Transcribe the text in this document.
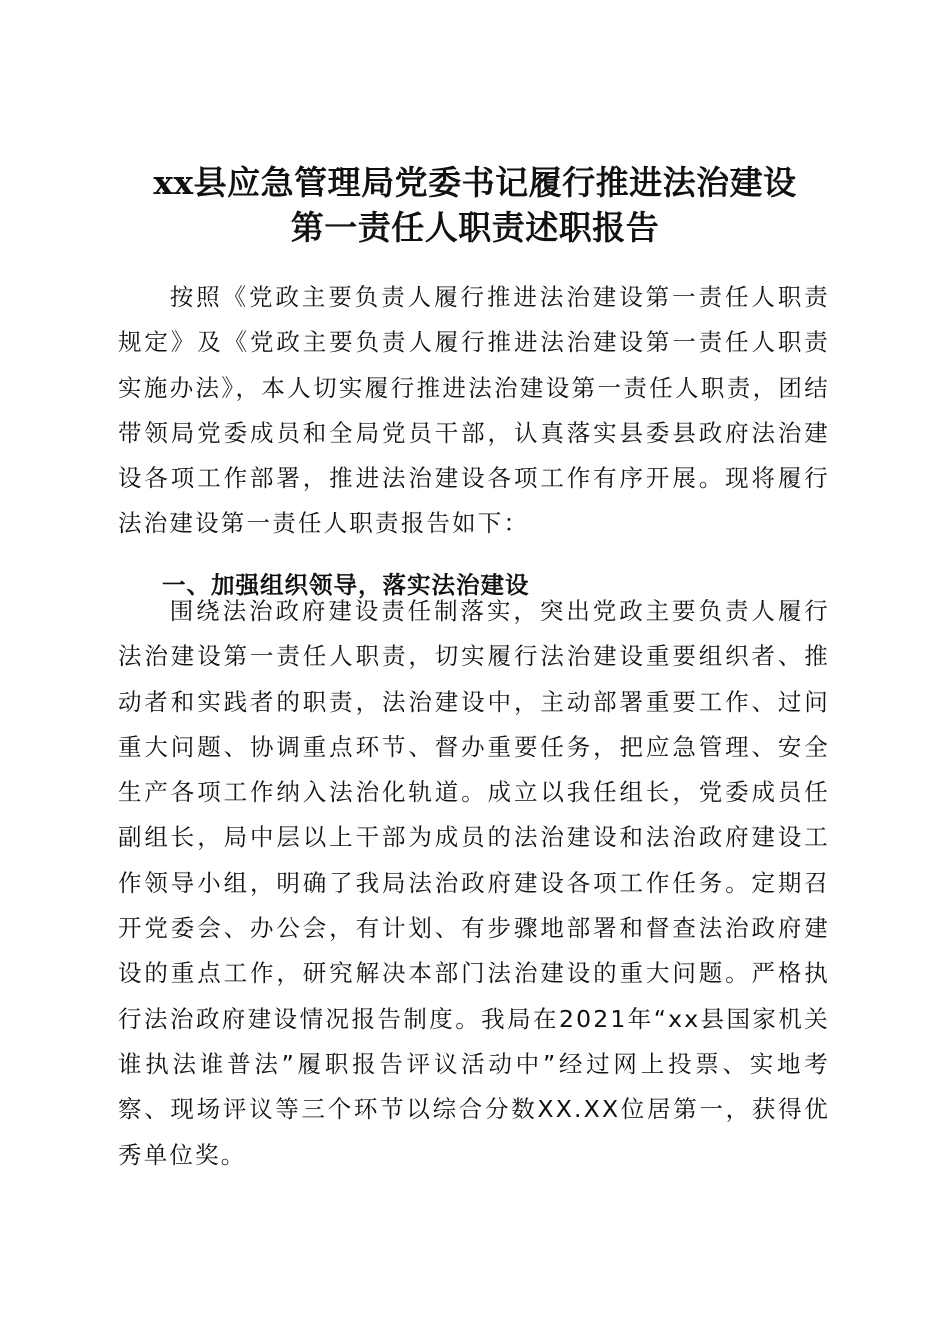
xx县应急管理局党委书记履行推进法治建设
第一责任人职责述职报告

按照《党政主要负责人履行推进法治建设第一责任人职责规定》及《党政主要负责人履行推进法治建设第一责任人职责实施办法》，本人切实履行推进法治建设第一责任人职责，团结带领局党委成员和全局党员干部，认真落实县委县政府法治建设各项工作部署，推进法治建设各项工作有序开展。现将履行法治建设第一责任人职责报告如下：

一、加强组织领导，落实法治建设

围绕法治政府建设责任制落实，突出党政主要负责人履行法治建设第一责任人职责，切实履行法治建设重要组织者、推动者和实践者的职责，法治建设中，主动部署重要工作、过问重大问题、协调重点环节、督办重要任务，把应急管理、安全生产各项工作纳入法治化轨道。成立以我任组长，党委成员任副组长，局中层以上干部为成员的法治建设和法治政府建设工作领导小组，明确了我局法治政府建设各项工作任务。定期召开党委会、办公会，有计划、有步骤地部署和督查法治政府建设的重点工作，研究解决本部门法治建设的重大问题。严格执行法治政府建设情况报告制度。我局在2021年“xx县国家机关谁执法谁普法”履职报告评议活动中”经过网上投票、实地考察、现场评议等三个环节以综合分数XX.XX位居第一，获得优秀单位奖。
